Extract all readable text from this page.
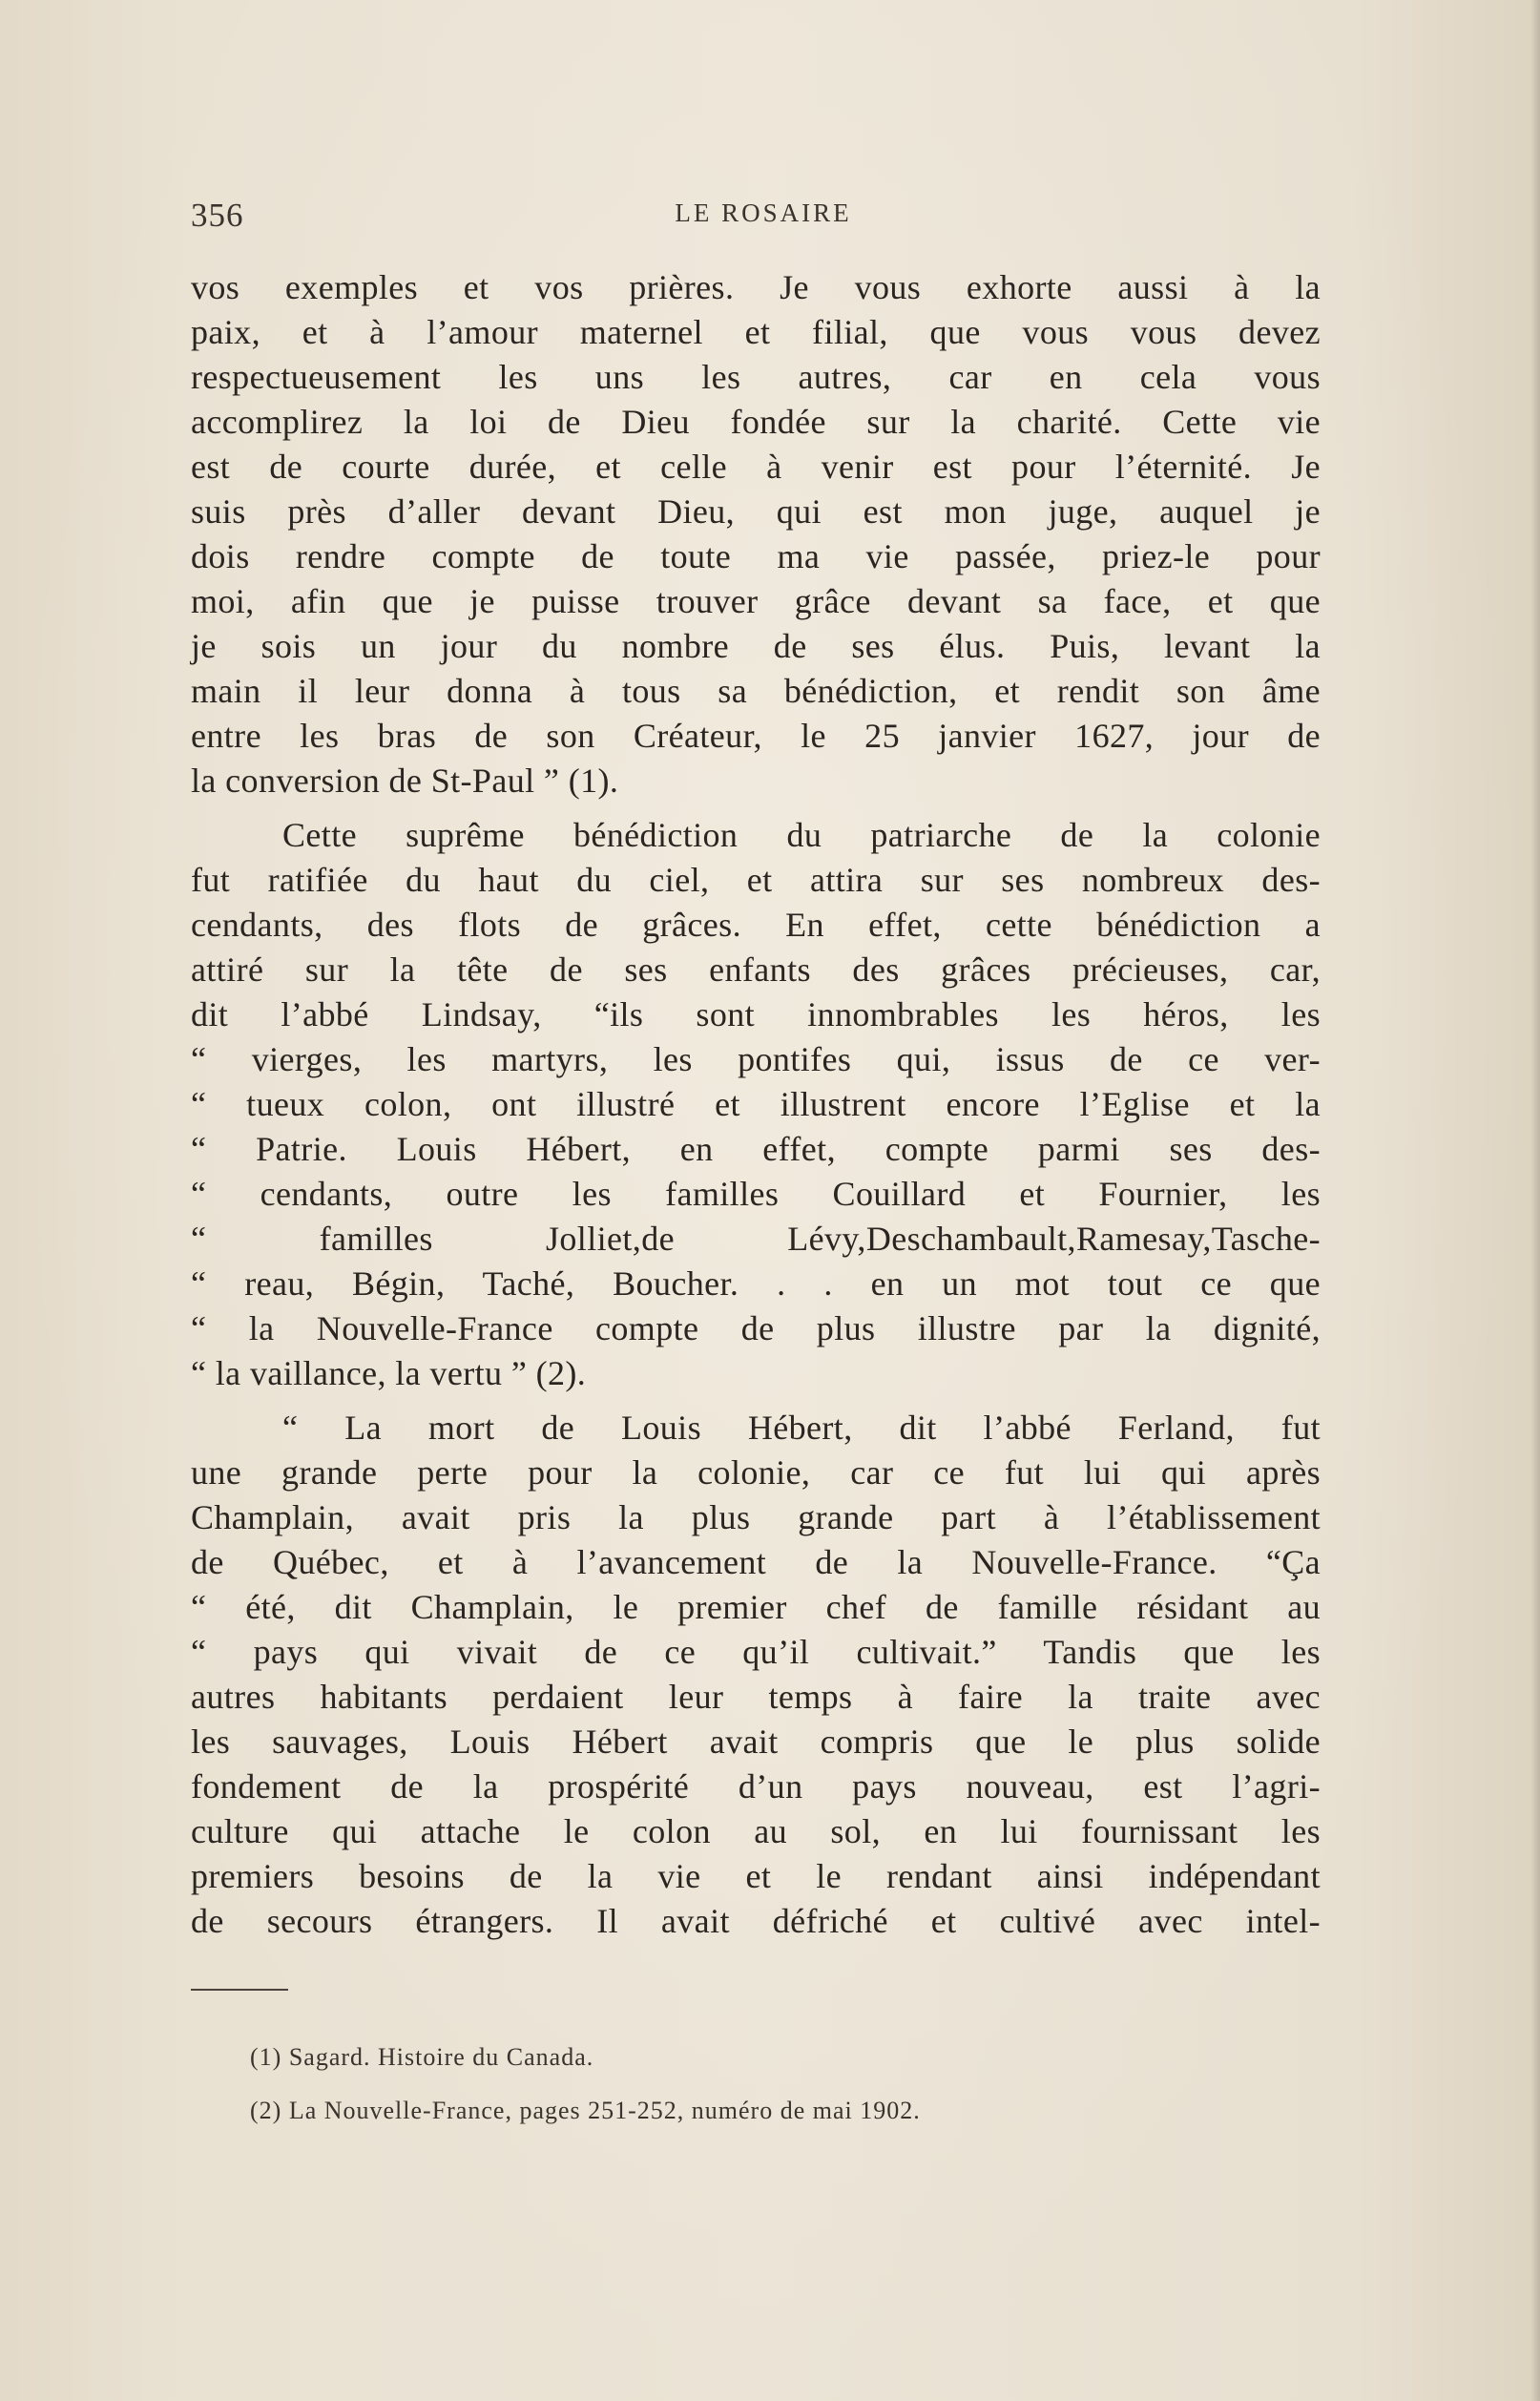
356	LE ROSAIRE
vos exemples et vos prières. Je vous exhorte aussi à la
paix, et à l’amour maternel et filial, que vous vous devez
respectueusement les uns les autres, car en cela vous
accomplirez la loi de Dieu fondée sur la charité. Cette vie
est de courte durée, et celle à venir est pour l’éternité. Je
suis près d’aller devant Dieu, qui est mon juge, auquel je
dois rendre compte de toute ma vie passée, priez-le pour
moi, afin que je puisse trouver grâce devant sa face, et que
je sois un jour du nombre de ses élus. Puis, levant la
main il leur donna à tous sa bénédiction, et rendit son âme
entre les bras de son Créateur, le 25 janvier 1627, jour de
la conversion de St-Paul ” (1).
Cette suprême bénédiction du patriarche de la colonie
fut ratifiée du haut du ciel, et attira sur ses nombreux des-
cendants, des flots de grâces. En effet, cette bénédiction a
attiré sur la tête de ses enfants des grâces précieuses, car,
dit l’abbé Lindsay, “ils sont innombrables les héros, les
“ vierges, les martyrs, les pontifes qui, issus de ce ver-
“ tueux colon, ont illustré et illustrent encore l’Eglise et la
“ Patrie. Louis Hébert, en effet, compte parmi ses des-
“ cendants, outre les familles Couillard et Fournier, les
“ familles Jolliet,de Lévy,Deschambault,Ramesay,Tasche-
“ reau, Bégin, Taché, Boucher. . . en un mot tout ce que
“ la Nouvelle-France compte de plus illustre par la dignité,
“ la vaillance, la vertu ” (2).
“ La mort de Louis Hébert, dit l’abbé Ferland, fut
une grande perte pour la colonie, car ce fut lui qui après
Champlain, avait pris la plus grande part à l’établissement
de Québec, et à l’avancement de la Nouvelle-France. “Ça
“ été, dit Champlain, le premier chef de famille résidant au
“ pays qui vivait de ce qu’il cultivait.” Tandis que les
autres habitants perdaient leur temps à faire la traite avec
les sauvages, Louis Hébert avait compris que le plus solide
fondement de la prospérité d’un pays nouveau, est l’agri-
culture qui attache le colon au sol, en lui fournissant les
premiers besoins de la vie et le rendant ainsi indépendant
de secours étrangers. Il avait défriché et cultivé avec intel-
(1) Sagard. Histoire du Canada.
(2) La Nouvelle-France, pages 251-252, numéro de mai 1902.
